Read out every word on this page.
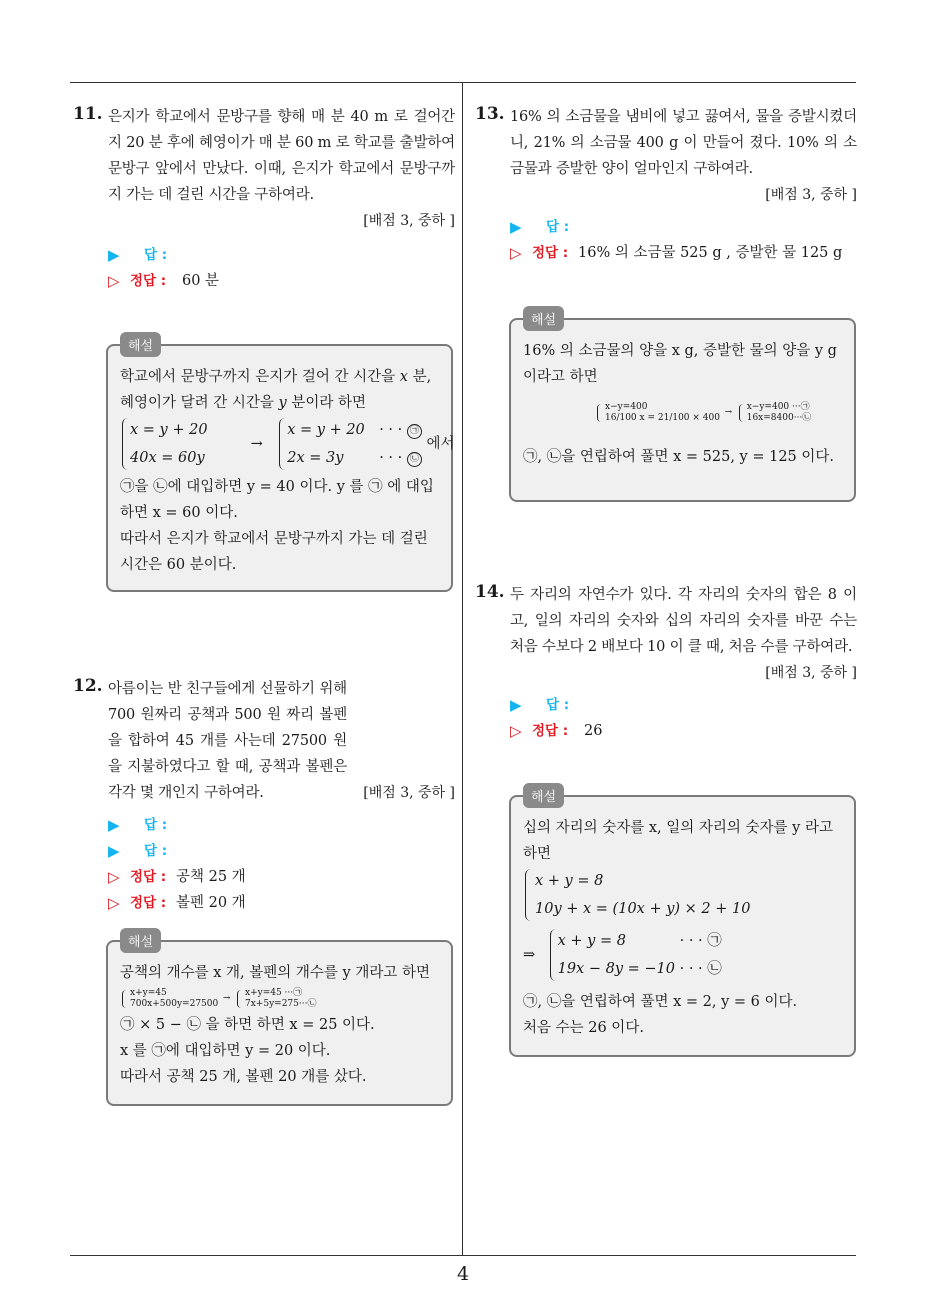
4
11. 은지가 학교에서 문방구를 향해 매 분 40 m 로 걸어간 지 20 분 후에 혜영이가 매 분 60 m 로 학교를 출발하여 문방구 앞에서 만났다. 이때, 은지가 학교에서 문방구까지 가는 데 걸린 시간을 구하여라.
[배점 3, 중하 ]
▶ 답 :
▷ 정답 : 60 분
해설
학교에서 문방구까지 은지가 걸어 간 시간을 x 분,
혜영이가 달려 간 시간을 y 분이라 하면
x = y + 20
40x = 60y
→
x = y + 20 · · · ㉠
2x = 3y · · · ㉡
에서
㉠을 ㉡에 대입하면 y = 40 이다. y 를 ㉠ 에 대입
하면 x = 60 이다.
따라서 은지가 학교에서 문방구까지 가는 데 걸린
시간은 60 분이다.
12. 아름이는 반 친구들에게 선물하기 위해 700 원짜리 공책과 500 원 짜리 볼펜을 합하여 45 개를 사는데 27500 원을 지불하였다고 할 때, 공책과 볼펜은 각각 몇 개인지 구하여라.	[배점 3, 중하 ]
▶ 답 :
▶ 답 :
▷ 정답 : 공책 25 개
▷ 정답 : 볼펜 20 개
해설
공책의 개수를 x 개, 볼펜의 개수를 y 개라고 하면
x+y=45
700x+500y=27500
→
x+y=45 ···㉠
7x+5y=275···㉡
㉠ × 5 − ㉡ 을 하면 하면 x = 25 이다.
x 를 ㉠에 대입하면 y = 20 이다.
따라서 공책 25 개, 볼펜 20 개를 샀다.
13. 16% 의 소금물을 냄비에 넣고 끓여서, 물을 증발시켰더니, 21% 의 소금물 400 g 이 만들어 졌다. 10% 의 소금물과 증발한 양이 얼마인지 구하여라.
[배점 3, 중하 ]
▶ 답 :
▷ 정답 : 16% 의 소금물 525 g , 증발한 물 125 g
해설
16% 의 소금물의 양을 x g, 증발한 물의 양을 y g
이라고 하면
x−y=400
16/100 x = 21/100 × 400
→
x−y=400 ···㉠
16x=8400···㉡
㉠, ㉡을 연립하여 풀면 x = 525, y = 125 이다.
14. 두 자리의 자연수가 있다. 각 자리의 숫자의 합은 8 이고, 일의 자리의 숫자와 십의 자리의 숫자를 바꾼 수는 처음 수보다 2 배보다 10 이 클 때, 처음 수를 구하여라.
[배점 3, 중하 ]
▶ 답 :
▷ 정답 : 26
해설
십의 자리의 숫자를 x, 일의 자리의 숫자를 y 라고
하면
x + y = 8
10y + x = (10x + y) × 2 + 10
⇒
x + y = 8	· · · ㉠
19x − 8y = −10 · · · ㉡
㉠, ㉡을 연립하여 풀면 x = 2, y = 6 이다.
처음 수는 26 이다.
